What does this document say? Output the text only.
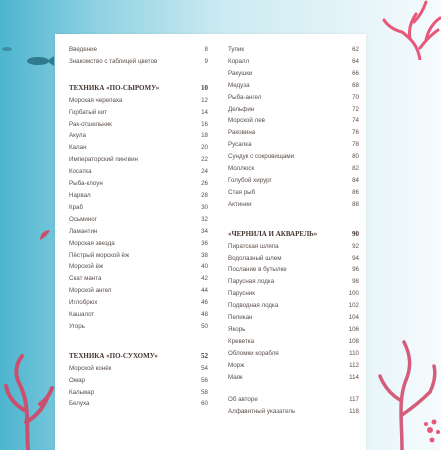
Введение	8
Знакомство с таблицей цветов	9
ТЕХНИКА «ПО-СЫРОМУ»	10
Морская черепаха	12
Горбатый кит	14
Рак-отшельник	16
Акула	18
Калан	20
Императорский пингвин	22
Косатка	24
Рыба-клоун	26
Нарвал	28
Краб	30
Осьминог	32
Ламантин	34
Морская звезда	36
Пёстрый морской ёж	38
Морской ёж	40
Скат манта	42
Морской ангел	44
Иглобрюх	46
Кашалот	48
Угорь	50
ТЕХНИКА «ПО-СУХОМУ»	52
Морской конёк	54
Омар	56
Кальмар	58
Белуха	60
Тупик	62
Коралл	64
Ракушки	66
Медуза	68
Рыба-ангел	70
Дельфин	72
Морской лев	74
Раковина	76
Русалка	78
Сундук с сокровищами	80
Моллюск	82
Голубой хирург	84
Стая рыб	86
Актинии	88
«ЧЕРНИЛА И АКВАРЕЛЬ»	90
Пиратская шляпа	92
Водолазный шлем	94
Послание в бутылке	96
Парусная лодка	98
Парусник	100
Подводная лодка	102
Пеликан	104
Якорь	106
Креветка	108
Обломки корабля	110
Морж	112
Маяк	114
Об авторе	117
Алфавитный указатель	118
